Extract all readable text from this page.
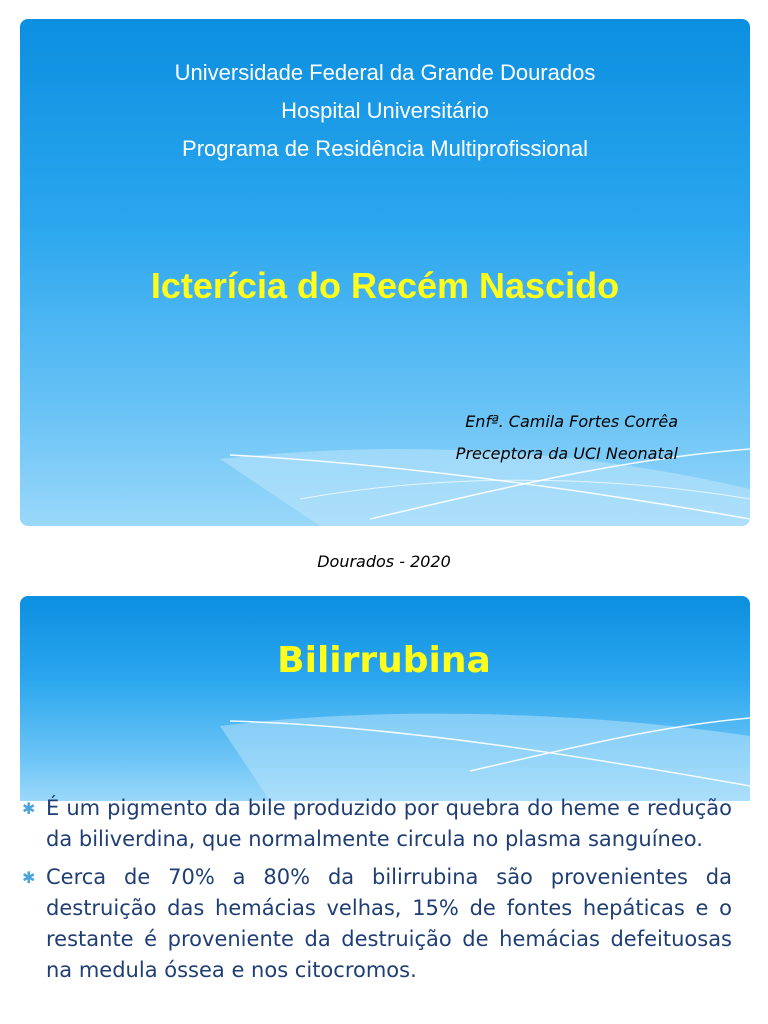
Universidade Federal da Grande Dourados
Hospital Universitário
Programa de Residência Multiprofissional
Icterícia do Recém Nascido
Enfª. Camila Fortes Corrêa
Preceptora da UCI Neonatal
Dourados - 2020
Bilirrubina
✱ É um pigmento da bile produzido por quebra do heme e redução da biliverdina, que normalmente circula no plasma sanguíneo.
✱ Cerca de 70% a 80% da bilirrubina são provenientes da destruição das hemácias velhas, 15% de fontes hepáticas e o restante é proveniente da destruição de hemácias defeituosas na medula óssea e nos citocromos.
